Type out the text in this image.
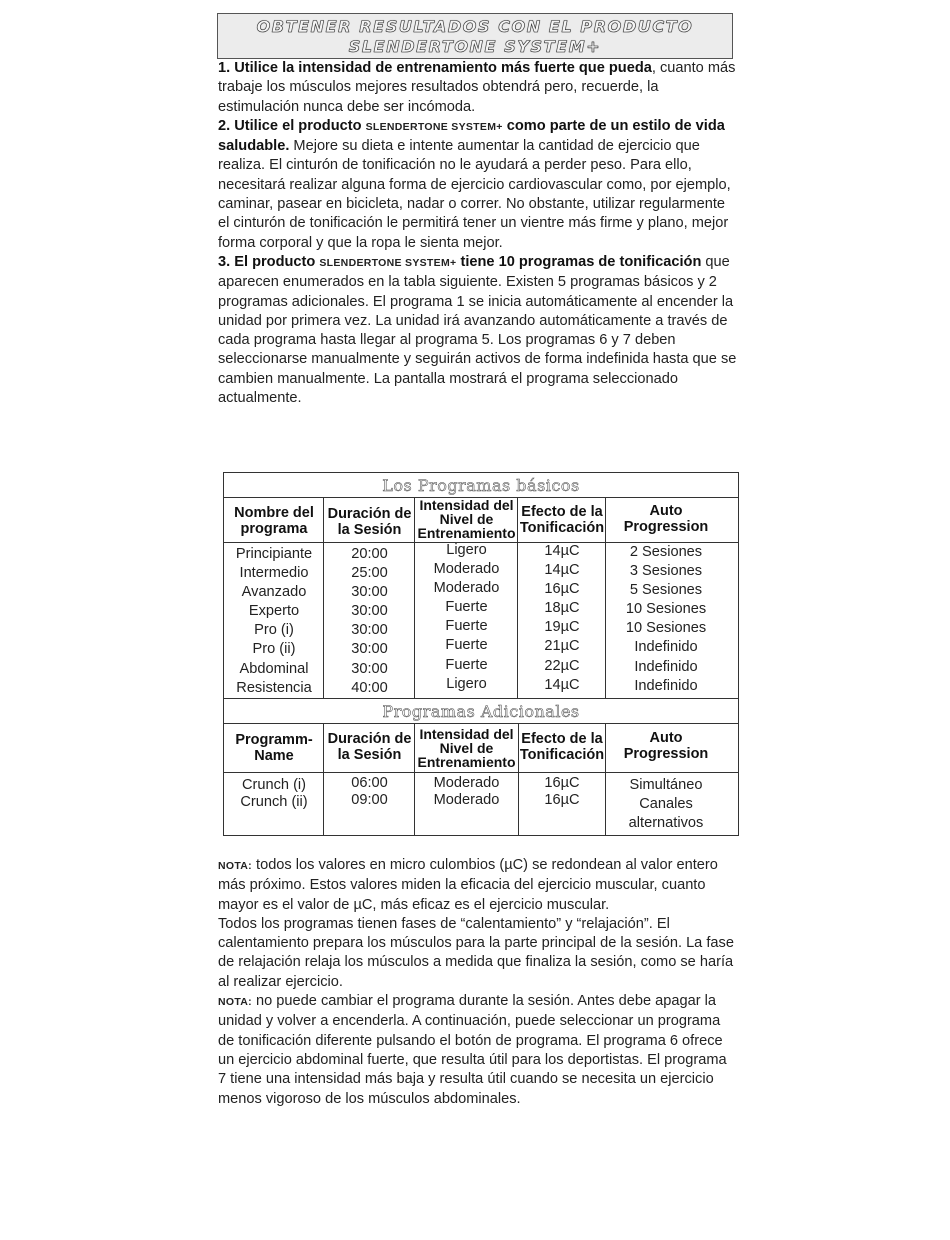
OBTENER RESULTADOS CON EL PRODUCTO
SLENDERTONE SYSTEM+

1. Utilice la intensidad de entrenamiento más fuerte que pueda, cuanto más trabaje los músculos mejores resultados obtendrá pero, recuerde, la estimulación nunca debe ser incómoda.

2. Utilice el producto SLENDERTONE SYSTEM+ como parte de un estilo de vida saludable. Mejore su dieta e intente aumentar la cantidad de ejercicio que realiza. El cinturón de tonificación no le ayudará a perder peso. Para ello, necesitará realizar alguna forma de ejercicio cardiovascular como, por ejemplo, caminar, pasear en bicicleta, nadar o correr. No obstante, utilizar regularmente el cinturón de tonificación le permitirá tener un vientre más firme y plano, mejor forma corporal y que la ropa le sienta mejor.

3. El producto SLENDERTONE SYSTEM+ tiene 10 programas de tonificación que aparecen enumerados en la tabla siguiente. Existen 5 programas básicos y 2 programas adicionales. El programa 1 se inicia automáticamente al encender la unidad por primera vez. La unidad irá avanzando automáticamente a través de cada programa hasta llegar al programa 5. Los programas 6 y 7 deben seleccionarse manualmente y seguirán activos de forma indefinida hasta que se cambien manualmente. La pantalla mostrará el programa seleccionado actualmente.

Los Programas básicos
Nombre del programa
Duración de la Sesión
Intensidad del Nivel de Entrenamiento
Efecto de la Tonificación
Auto Progression
Principiante
Intermedio
Avanzado
Experto
Pro (i)
Pro (ii)
Abdominal
Resistencia
20:00
25:00
30:00
30:00
30:00
30:00
30:00
40:00
Ligero
Moderado
Moderado
Fuerte
Fuerte
Fuerte
Fuerte
Ligero
14µC
14µC
16µC
18µC
19µC
21µC
22µC
14µC
2 Sesiones
3 Sesiones
5 Sesiones
10 Sesiones
10 Sesiones
Indefinido
Indefinido
Indefinido
Programas Adicionales
Programm- Name
Duración de la Sesión
Intensidad del Nivel de Entrenamiento
Efecto de la Tonificación
Auto Progression
Crunch (i)
Crunch (ii)
06:00
09:00
Moderado
Moderado
16µC
16µC
Simultáneo
Canales
alternativos

NOTA: todos los valores en micro culombios (µC) se redondean al valor entero más próximo. Estos valores miden la eficacia del ejercicio muscular, cuanto mayor es el valor de µC, más eficaz es el ejercicio muscular.

Todos los programas tienen fases de “calentamiento” y “relajación”. El calentamiento prepara los músculos para la parte principal de la sesión. La fase de relajación relaja los músculos a medida que finaliza la sesión, como se haría al realizar ejercicio.

NOTA: no puede cambiar el programa durante la sesión. Antes debe apagar la unidad y volver a encenderla. A continuación, puede seleccionar un programa de tonificación diferente pulsando el botón de programa. El programa 6 ofrece un ejercicio abdominal fuerte, que resulta útil para los deportistas. El programa 7 tiene una intensidad más baja y resulta útil cuando se necesita un ejercicio menos vigoroso de los músculos abdominales.
